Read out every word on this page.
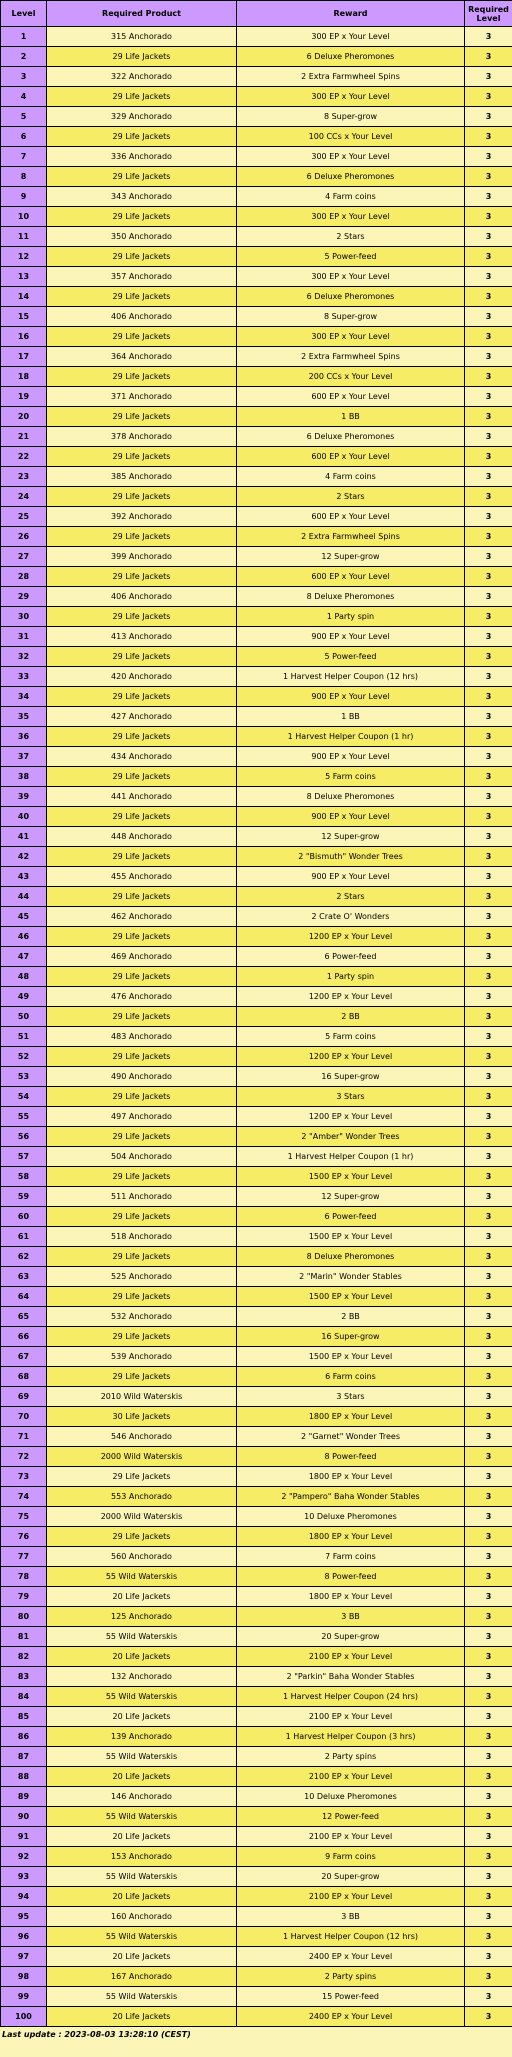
Level	Required Product	Reward	Required Level
1	315 Anchorado	300 EP x Your Level	3
2	29 Life Jackets	6 Deluxe Pheromones	3
3	322 Anchorado	2 Extra Farmwheel Spins	3
4	29 Life Jackets	300 EP x Your Level	3
5	329 Anchorado	8 Super-grow	3
6	29 Life Jackets	100 CCs x Your Level	3
7	336 Anchorado	300 EP x Your Level	3
8	29 Life Jackets	6 Deluxe Pheromones	3
9	343 Anchorado	4 Farm coins	3
10	29 Life Jackets	300 EP x Your Level	3
11	350 Anchorado	2 Stars	3
12	29 Life Jackets	5 Power-feed	3
13	357 Anchorado	300 EP x Your Level	3
14	29 Life Jackets	6 Deluxe Pheromones	3
15	406 Anchorado	8 Super-grow	3
16	29 Life Jackets	300 EP x Your Level	3
17	364 Anchorado	2 Extra Farmwheel Spins	3
18	29 Life Jackets	200 CCs x Your Level	3
19	371 Anchorado	600 EP x Your Level	3
20	29 Life Jackets	1 BB	3
21	378 Anchorado	6 Deluxe Pheromones	3
22	29 Life Jackets	600 EP x Your Level	3
23	385 Anchorado	4 Farm coins	3
24	29 Life Jackets	2 Stars	3
25	392 Anchorado	600 EP x Your Level	3
26	29 Life Jackets	2 Extra Farmwheel Spins	3
27	399 Anchorado	12 Super-grow	3
28	29 Life Jackets	600 EP x Your Level	3
29	406 Anchorado	8 Deluxe Pheromones	3
30	29 Life Jackets	1 Party spin	3
31	413 Anchorado	900 EP x Your Level	3
32	29 Life Jackets	5 Power-feed	3
33	420 Anchorado	1 Harvest Helper Coupon (12 hrs)	3
34	29 Life Jackets	900 EP x Your Level	3
35	427 Anchorado	1 BB	3
36	29 Life Jackets	1 Harvest Helper Coupon (1 hr)	3
37	434 Anchorado	900 EP x Your Level	3
38	29 Life Jackets	5 Farm coins	3
39	441 Anchorado	8 Deluxe Pheromones	3
40	29 Life Jackets	900 EP x Your Level	3
41	448 Anchorado	12 Super-grow	3
42	29 Life Jackets	2 "Bismuth" Wonder Trees	3
43	455 Anchorado	900 EP x Your Level	3
44	29 Life Jackets	2 Stars	3
45	462 Anchorado	2 Crate O' Wonders	3
46	29 Life Jackets	1200 EP x Your Level	3
47	469 Anchorado	6 Power-feed	3
48	29 Life Jackets	1 Party spin	3
49	476 Anchorado	1200 EP x Your Level	3
50	29 Life Jackets	2 BB	3
51	483 Anchorado	5 Farm coins	3
52	29 Life Jackets	1200 EP x Your Level	3
53	490 Anchorado	16 Super-grow	3
54	29 Life Jackets	3 Stars	3
55	497 Anchorado	1200 EP x Your Level	3
56	29 Life Jackets	2 "Amber" Wonder Trees	3
57	504 Anchorado	1 Harvest Helper Coupon (1 hr)	3
58	29 Life Jackets	1500 EP x Your Level	3
59	511 Anchorado	12 Super-grow	3
60	29 Life Jackets	6 Power-feed	3
61	518 Anchorado	1500 EP x Your Level	3
62	29 Life Jackets	8 Deluxe Pheromones	3
63	525 Anchorado	2 "Marin" Wonder Stables	3
64	29 Life Jackets	1500 EP x Your Level	3
65	532 Anchorado	2 BB	3
66	29 Life Jackets	16 Super-grow	3
67	539 Anchorado	1500 EP x Your Level	3
68	29 Life Jackets	6 Farm coins	3
69	2010 Wild Waterskis	3 Stars	3
70	30 Life Jackets	1800 EP x Your Level	3
71	546 Anchorado	2 "Garnet" Wonder Trees	3
72	2000 Wild Waterskis	8 Power-feed	3
73	29 Life Jackets	1800 EP x Your Level	3
74	553 Anchorado	2 "Pampero" Baha Wonder Stables	3
75	2000 Wild Waterskis	10 Deluxe Pheromones	3
76	29 Life Jackets	1800 EP x Your Level	3
77	560 Anchorado	7 Farm coins	3
78	55 Wild Waterskis	8 Power-feed	3
79	20 Life Jackets	1800 EP x Your Level	3
80	125 Anchorado	3 BB	3
81	55 Wild Waterskis	20 Super-grow	3
82	20 Life Jackets	2100 EP x Your Level	3
83	132 Anchorado	2 "Parkin" Baha Wonder Stables	3
84	55 Wild Waterskis	1 Harvest Helper Coupon (24 hrs)	3
85	20 Life Jackets	2100 EP x Your Level	3
86	139 Anchorado	1 Harvest Helper Coupon (3 hrs)	3
87	55 Wild Waterskis	2 Party spins	3
88	20 Life Jackets	2100 EP x Your Level	3
89	146 Anchorado	10 Deluxe Pheromones	3
90	55 Wild Waterskis	12 Power-feed	3
91	20 Life Jackets	2100 EP x Your Level	3
92	153 Anchorado	9 Farm coins	3
93	55 Wild Waterskis	20 Super-grow	3
94	20 Life Jackets	2100 EP x Your Level	3
95	160 Anchorado	3 BB	3
96	55 Wild Waterskis	1 Harvest Helper Coupon (12 hrs)	3
97	20 Life Jackets	2400 EP x Your Level	3
98	167 Anchorado	2 Party spins	3
99	55 Wild Waterskis	15 Power-feed	3
100	20 Life Jackets	2400 EP x Your Level	3
Last update : 2023-08-03 13:28:10 (CEST)
